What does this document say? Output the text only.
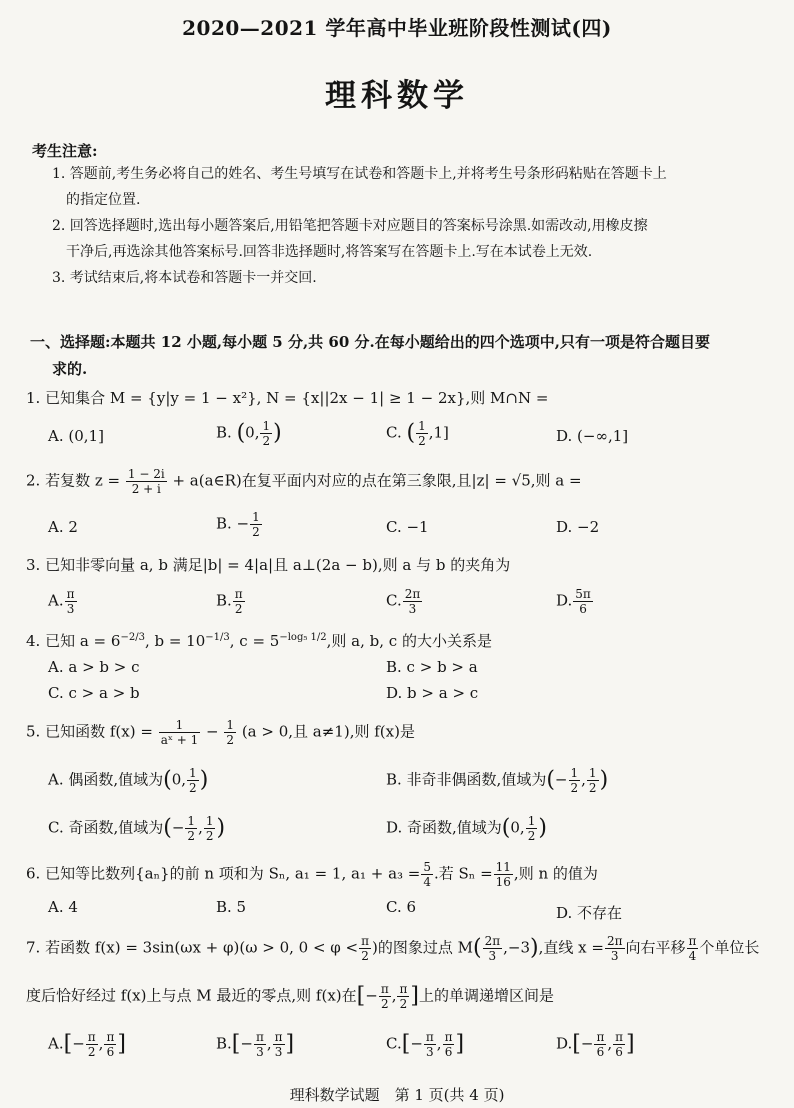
2020—2021 学年高中毕业班阶段性测试(四)
理科数学
考生注意:
1. 答题前,考生务必将自己的姓名、考生号填写在试卷和答题卡上,并将考生号条形码粘贴在答题卡上
的指定位置.
2. 回答选择题时,选出每小题答案后,用铅笔把答题卡对应题目的答案标号涂黑.如需改动,用橡皮擦
干净后,再选涂其他答案标号.回答非选择题时,将答案写在答题卡上.写在本试卷上无效.
3. 考试结束后,将本试卷和答题卡一并交回.
一、选择题:本题共 12 小题,每小题 5 分,共 60 分.在每小题给出的四个选项中,只有一项是符合题目要
求的.
1. 已知集合 M = {y|y = 1 − x²}, N = {x||2x − 1| ≥ 1 − 2x},则 M∩N =
A. (0,1]	B. (0, $\frac{1}{2}$ )	C. ( $\frac{1}{2} ,1$]	D. (−∞,1]
2. 若复数 $z = \frac{1 - 2i}{2 + i}$ + a(a∈R)在复平面内对应的点在第三象限,且|z| = √5,则 a =
A. 2	B. − $\frac{1}{2}$	C. −1	D. −2
3. 已知非零向量 a, b 满足|b| = 4|a|且 a⊥(2a − b),则 a 与 b 的夹角为
A. $\frac{\pi}{3}$	B. $\frac{\pi}{2}$	C. $\frac{2\pi}{3}$	D. $\frac{5\pi}{6}$
4. 已知 $a = 6^{-2/3}$, $b = 10^{-1/3}$, $c = 5^{-log_5 1/2}$,则 a, b, c 的大小关系是
A. a > b > c	B. c > b > a
C. c > a > b	D. b > a > c
5. 已知函数 $f(x) = \frac{1}{\text{aˣ + 1}} - \frac{1}{2} (a > 0$,且 a≠1),则 f(x)是
A. 偶函数,值域为(0, $\frac{1}{2}$ )	B. 非奇非偶函数,值域为(− $\frac{1}{2}$ , $\frac{1}{2}$ )
C. 奇函数,值域为(− $\frac{1}{2}$ , $\frac{1}{2}$ )	D. 奇函数,值域为(0, $\frac{1}{2}$ )
6. 已知等比数列{aₙ}的前 n 项和为 Sₙ, a₁ = 1, $a_1 + a_3 = \frac{5}{4}$ .若 $S_n = \frac{11}{16}$ ,则 n 的值为
A. 4	B. 5	C. 6	D. 不存在
7. 若函数 f(x) = 3sin(ωx + φ)(ω > 0, $0 < \varphi < \frac{\pi}{2}$ )的图象过点 $M( \frac{2\pi}{3} ,-3)$,直线 $x = \frac{2\pi}{3}$ 向右平移 $\frac{\pi}{4}$ 个单位长
度后恰好经过 f(x)上与点 M 最近的零点,则 f(x)在[− $\frac{\pi}{2}$ , $\frac{\pi}{2}$ ]上的单调递增区间是
$A.[- \frac{\pi}{2}$ , $\frac{\pi}{6}$ ]	$B.[- \frac{\pi}{3}$ , $\frac{\pi}{3}$ ]	$C.[- \frac{\pi}{3}$ , $\frac{\pi}{6}$ ]	$D.[- \frac{\pi}{6}$ , $\frac{\pi}{6}$ ]
理科数学试题　第 1 页(共 4 页)
